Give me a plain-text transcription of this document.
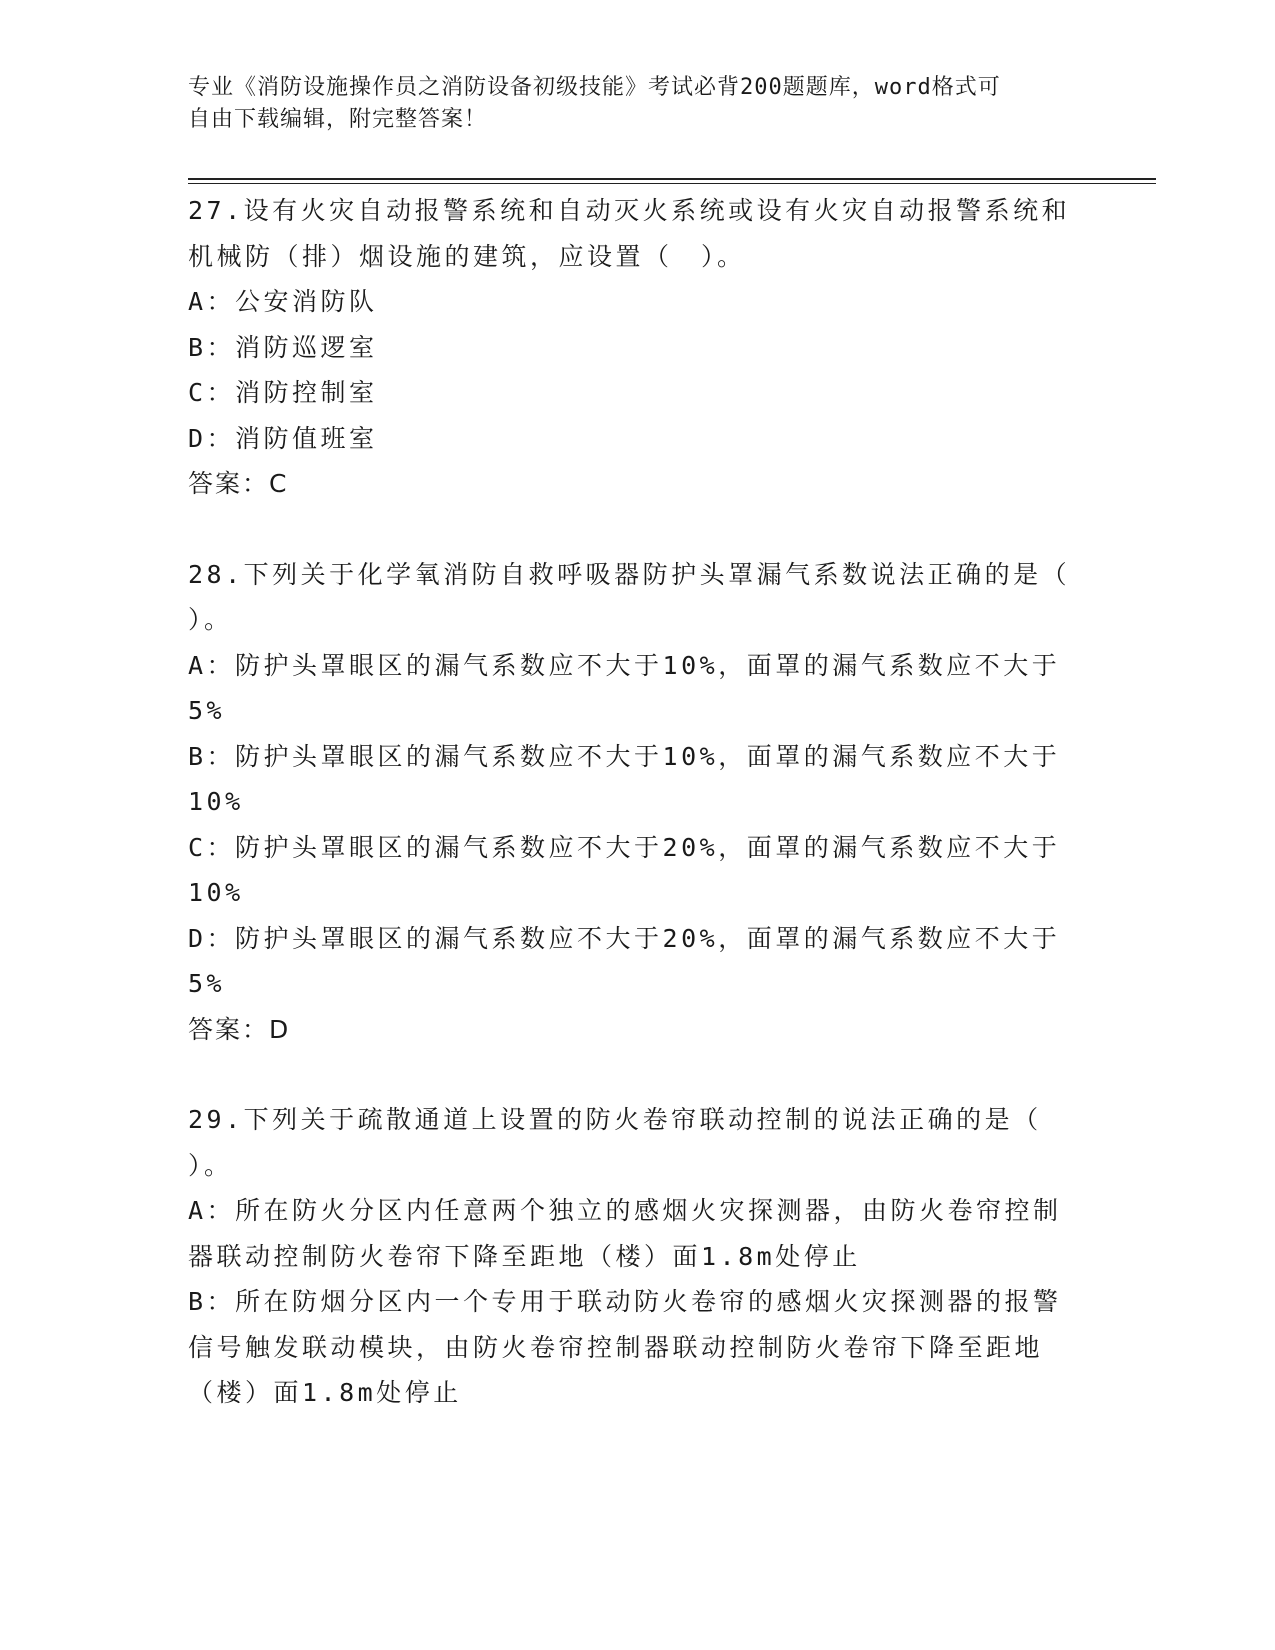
专业《消防设施操作员之消防设备初级技能》考试必背200题题库，word格式可
自由下载编辑，附完整答案！
27.设有火灾自动报警系统和自动灭火系统或设有火灾自动报警系统和
机械防（排）烟设施的建筑，应设置（　）。
A：公安消防队
B：消防巡逻室
C：消防控制室
D：消防值班室
答案：C
28.下列关于化学氧消防自救呼吸器防护头罩漏气系数说法正确的是（
）。
A：防护头罩眼区的漏气系数应不大于10%，面罩的漏气系数应不大于
5%
B：防护头罩眼区的漏气系数应不大于10%，面罩的漏气系数应不大于
10%
C：防护头罩眼区的漏气系数应不大于20%，面罩的漏气系数应不大于
10%
D：防护头罩眼区的漏气系数应不大于20%，面罩的漏气系数应不大于
5%
答案：D
29.下列关于疏散通道上设置的防火卷帘联动控制的说法正确的是（
）。
A：所在防火分区内任意两个独立的感烟火灾探测器，由防火卷帘控制
器联动控制防火卷帘下降至距地（楼）面1.8m处停止
B：所在防烟分区内一个专用于联动防火卷帘的感烟火灾探测器的报警
信号触发联动模块，由防火卷帘控制器联动控制防火卷帘下降至距地
（楼）面1.8m处停止
